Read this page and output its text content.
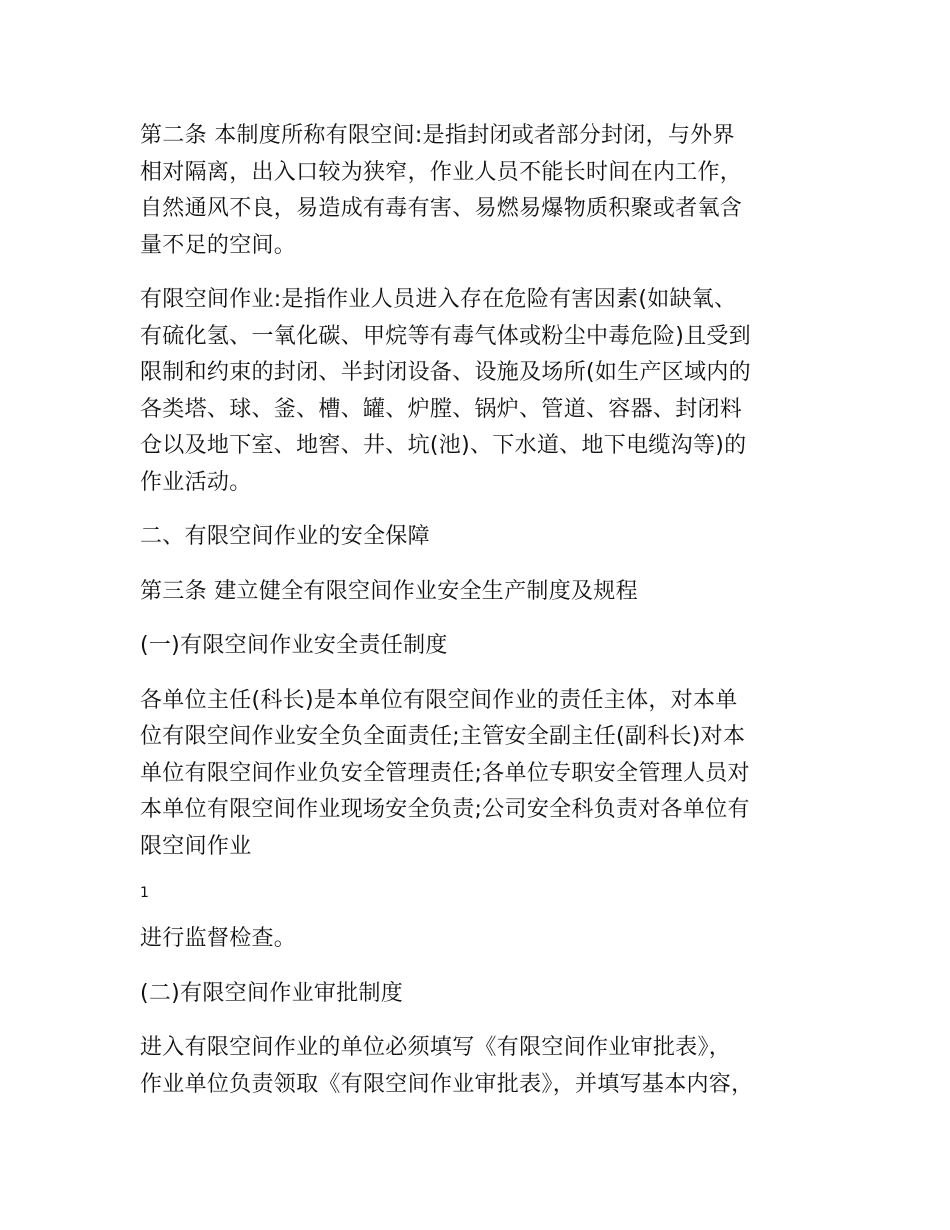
第二条 本制度所称有限空间:是指封闭或者部分封闭，与外界
相对隔离，出入口较为狭窄，作业人员不能长时间在内工作，
自然通风不良，易造成有毒有害、易燃易爆物质积聚或者氧含
量不足的空间。

有限空间作业:是指作业人员进入存在危险有害因素(如缺氧、
有硫化氢、一氧化碳、甲烷等有毒气体或粉尘中毒危险)且受到
限制和约束的封闭、半封闭设备、设施及场所(如生产区域内的
各类塔、球、釜、槽、罐、炉膛、锅炉、管道、容器、封闭料
仓以及地下室、地窖、井、坑(池)、下水道、地下电缆沟等)的
作业活动。

二、有限空间作业的安全保障

第三条 建立健全有限空间作业安全生产制度及规程

(一)有限空间作业安全责任制度

各单位主任(科长)是本单位有限空间作业的责任主体，对本单
位有限空间作业安全负全面责任;主管安全副主任(副科长)对本
单位有限空间作业负安全管理责任;各单位专职安全管理人员对
本单位有限空间作业现场安全负责;公司安全科负责对各单位有
限空间作业

1

进行监督检查。

(二)有限空间作业审批制度

进入有限空间作业的单位必须填写《有限空间作业审批表》，
作业单位负责领取《有限空间作业审批表》，并填写基本内容，
